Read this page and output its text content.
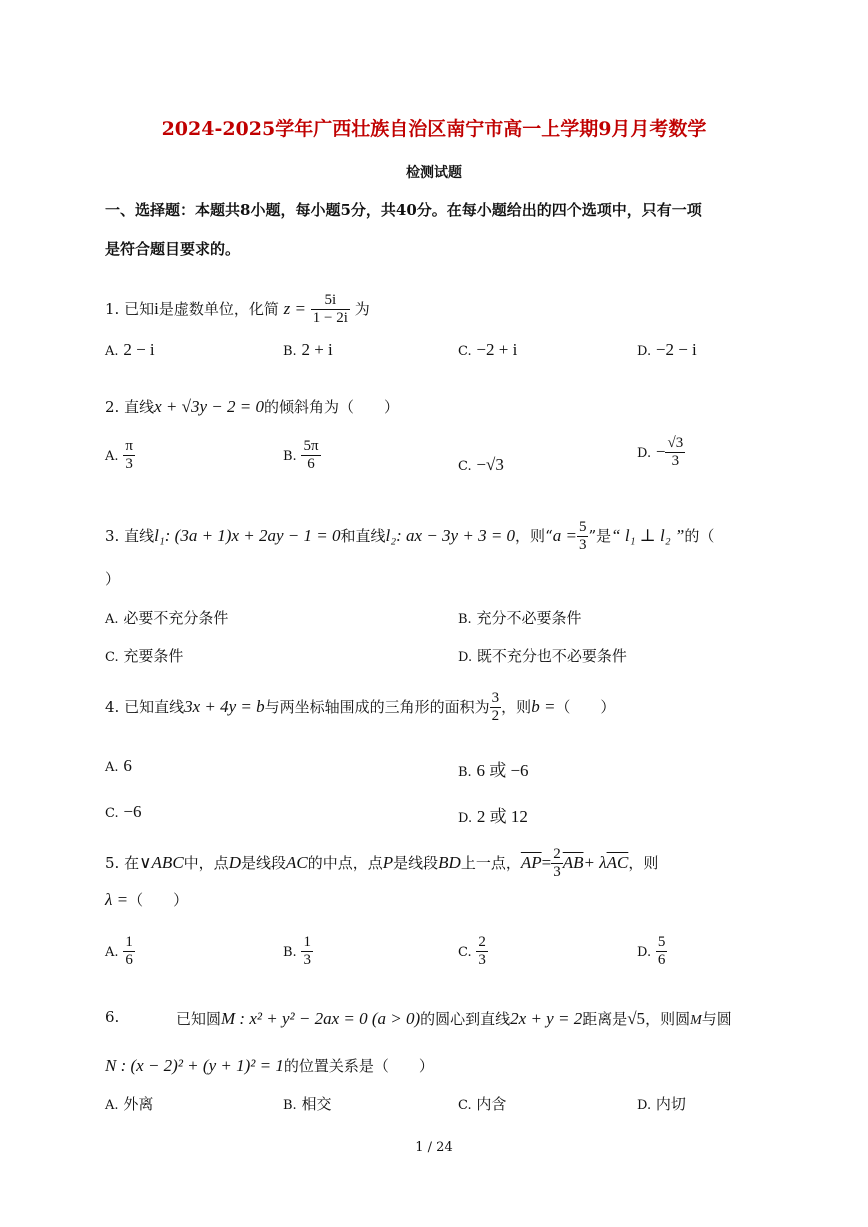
2024-2025学年广西壮族自治区南宁市高一上学期9月月考数学
检测试题
一、选择题：本题共8小题，每小题5分，共40分。在每小题给出的四个选项中，只有一项
是符合题目要求的。
1. 已知i是虚数单位，化简 $z = \frac{5i}{1 - 2i}$ 为
A. 2 − i	B. 2 + i	C. −2 + i	D. −2 − i
2. 直线x + √3y − 2 = 0的倾斜角为（　　）
A. $\frac{\pi}{3}$	B. $\frac{5\pi}{6}$	C. −√3
D. − $\frac{√3}{3}$
3. 直线l₁: (3a + 1)x + 2ay − 1 = 0和直线l₂: ax − 3y + 3 = 0，则“$a = \frac{5}{3}$ ”是“ l₁ ⊥ l₂ ”的（
）
A. 必要不充分条件	B. 充分不必要条件
C. 充要条件	D. 既不充分也不必要条件
4. 已知直线3x + 4y = b与两坐标轴围成的三角形的面积为 $\frac{3}{2}$ ，则b =（　　）
A. 6	B. 6 或 −6
C. −6	D. 2 或 12
5. 在∨ABC中，点D是线段AC的中点，点P是线段BD上一点，$\overline{AP}= \frac{2}{3} \overline{AB}+ \lambda\overline{AC}$，则
λ =（　　）
A. $\frac{1}{6}$	B. $\frac{1}{3}$	C. $\frac{2}{3}$	D. $\frac{5}{6}$
6.	已知圆M : x² + y² − 2ax = 0 (a > 0)的圆心到直线2x + y = 2距离是√5，则圆M与圆
N : (x − 2)² + (y + 1)² = 1的位置关系是（　　）
A. 外离	B. 相交	C. 内含	D. 内切
1 / 24
